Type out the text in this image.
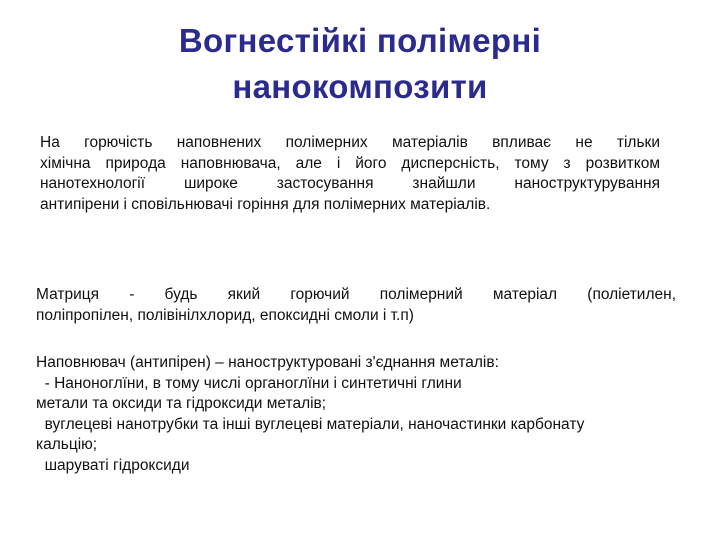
Вогнестійкі полімерні
нанокомпозити
На горючість наповнених полімерних матеріалів впливає не тільки
хімічна природа наповнювача, але і його дисперсність, тому з розвитком
нанотехнології широке застосування знайшли наноструктурування
антипірени і сповільнювачі горіння для полімерних матеріалів.
Матриця - будь який горючий полімерний матеріал (поліетилен,
поліпропілен, полівінілхлорид, епоксидні смоли і т.п)
Наповнювач (антипірен) – наноструктуровані з'єднання металів:
- Наноноглїни, в тому числі органоглїни і синтетичні глини
метали та оксиди та гідроксиди металів;
вуглецеві нанотрубки та інші вуглецеві матеріали, наночастинки карбонату
кальцію;
шаруваті гідроксиди
